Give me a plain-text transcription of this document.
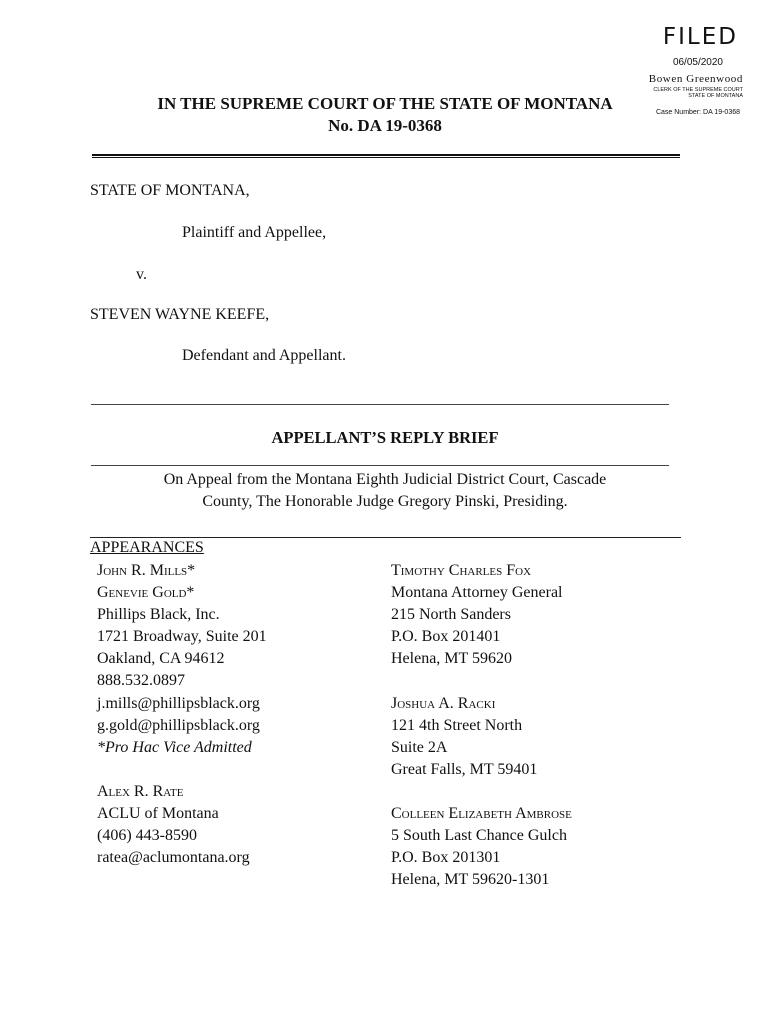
FILED
06/05/2020
Bowen Greenwood
CLERK OF THE SUPREME COURT
STATE OF MONTANA
Case Number: DA 19-0368
IN THE SUPREME COURT OF THE STATE OF MONTANA
No. DA 19-0368
STATE OF MONTANA,
Plaintiff and Appellee,
v.
STEVEN WAYNE KEEFE,
Defendant and Appellant.
APPELLANT’S REPLY BRIEF
On Appeal from the Montana Eighth Judicial District Court, Cascade
County, The Honorable Judge Gregory Pinski, Presiding.
APPEARANCES
John R. Mills*
Genevie Gold*
Phillips Black, Inc.
1721 Broadway, Suite 201
Oakland, CA 94612
888.532.0897
j.mills@phillipsblack.org
g.gold@phillipsblack.org
*Pro Hac Vice Admitted
Alex R. Rate
ACLU of Montana
(406) 443-8590
ratea@aclumontana.org
Timothy Charles Fox
Montana Attorney General
215 North Sanders
P.O. Box 201401
Helena, MT 59620
Joshua A. Racki
121 4th Street North
Suite 2A
Great Falls, MT 59401
Colleen Elizabeth Ambrose
5 South Last Chance Gulch
P.O. Box 201301
Helena, MT 59620-1301
